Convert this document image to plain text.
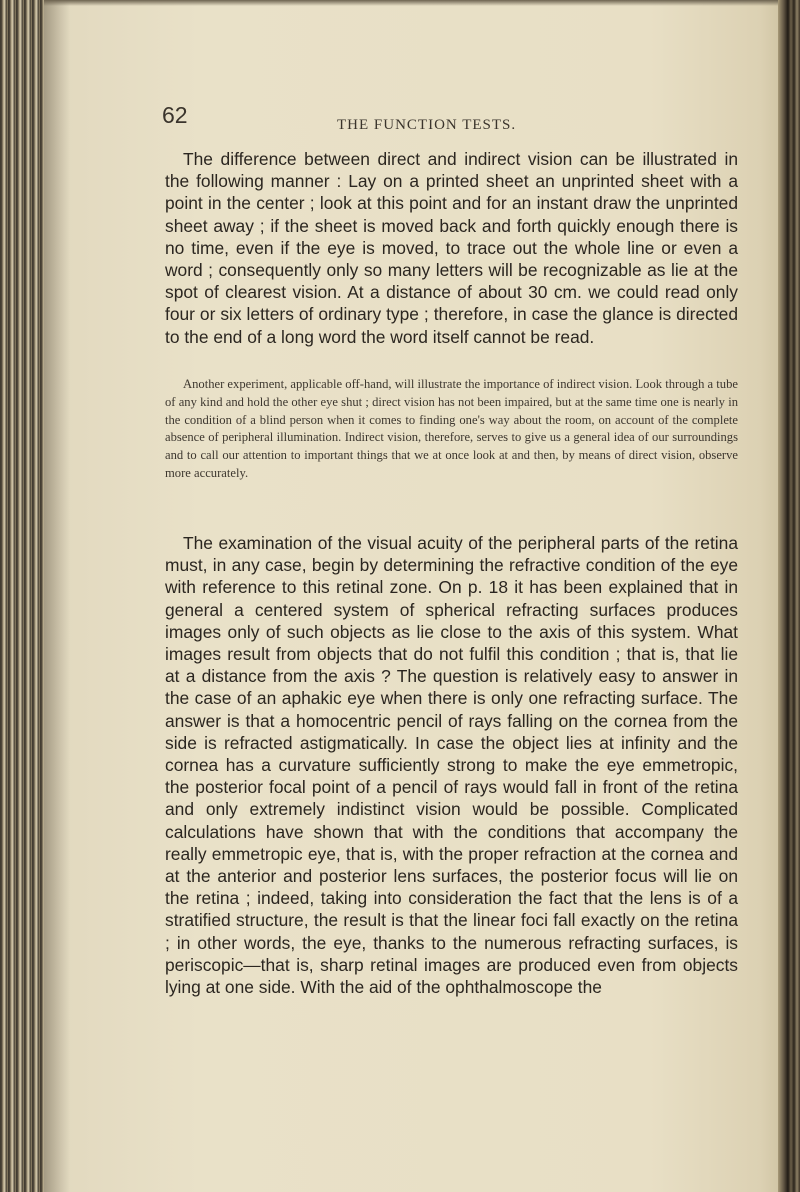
62	THE FUNCTION TESTS.

The difference between direct and indirect vision can be illustrated in the following manner : Lay on a printed sheet an unprinted sheet with a point in the center ; look at this point and for an instant draw the unprinted sheet away ; if the sheet is moved back and forth quickly enough there is no time, even if the eye is moved, to trace out the whole line or even a word ; consequently only so many letters will be recognizable as lie at the spot of clearest vision. At a distance of about 30 cm. we could read only four or six letters of ordinary type ; therefore, in case the glance is directed to the end of a long word the word itself cannot be read.

Another experiment, applicable off-hand, will illustrate the importance of indirect vision. Look through a tube of any kind and hold the other eye shut ; direct vision has not been impaired, but at the same time one is nearly in the condition of a blind person when it comes to finding one's way about the room, on account of the complete absence of peripheral illumination. Indirect vision, therefore, serves to give us a general idea of our surroundings and to call our attention to important things that we at once look at and then, by means of direct vision, observe more accurately.

The examination of the visual acuity of the peripheral parts of the retina must, in any case, begin by determining the refractive condition of the eye with reference to this retinal zone. On p. 18 it has been explained that in general a centered system of spherical refracting surfaces produces images only of such objects as lie close to the axis of this system. What images result from objects that do not fulfil this condition ; that is, that lie at a distance from the axis ? The question is relatively easy to answer in the case of an aphakic eye when there is only one refracting surface. The answer is that a homocentric pencil of rays falling on the cornea from the side is refracted astigmatically. In case the object lies at infinity and the cornea has a curvature sufficiently strong to make the eye emmetropic, the posterior focal point of a pencil of rays would fall in front of the retina and only extremely indistinct vision would be possible. Complicated calculations have shown that with the conditions that accompany the really emmetropic eye, that is, with the proper refraction at the cornea and at the anterior and posterior lens surfaces, the posterior focus will lie on the retina ; indeed, taking into consideration the fact that the lens is of a stratified structure, the result is that the linear foci fall exactly on the retina ; in other words, the eye, thanks to the numerous refracting surfaces, is periscopic—that is, sharp retinal images are produced even from objects lying at one side. With the aid of the ophthalmoscope the
